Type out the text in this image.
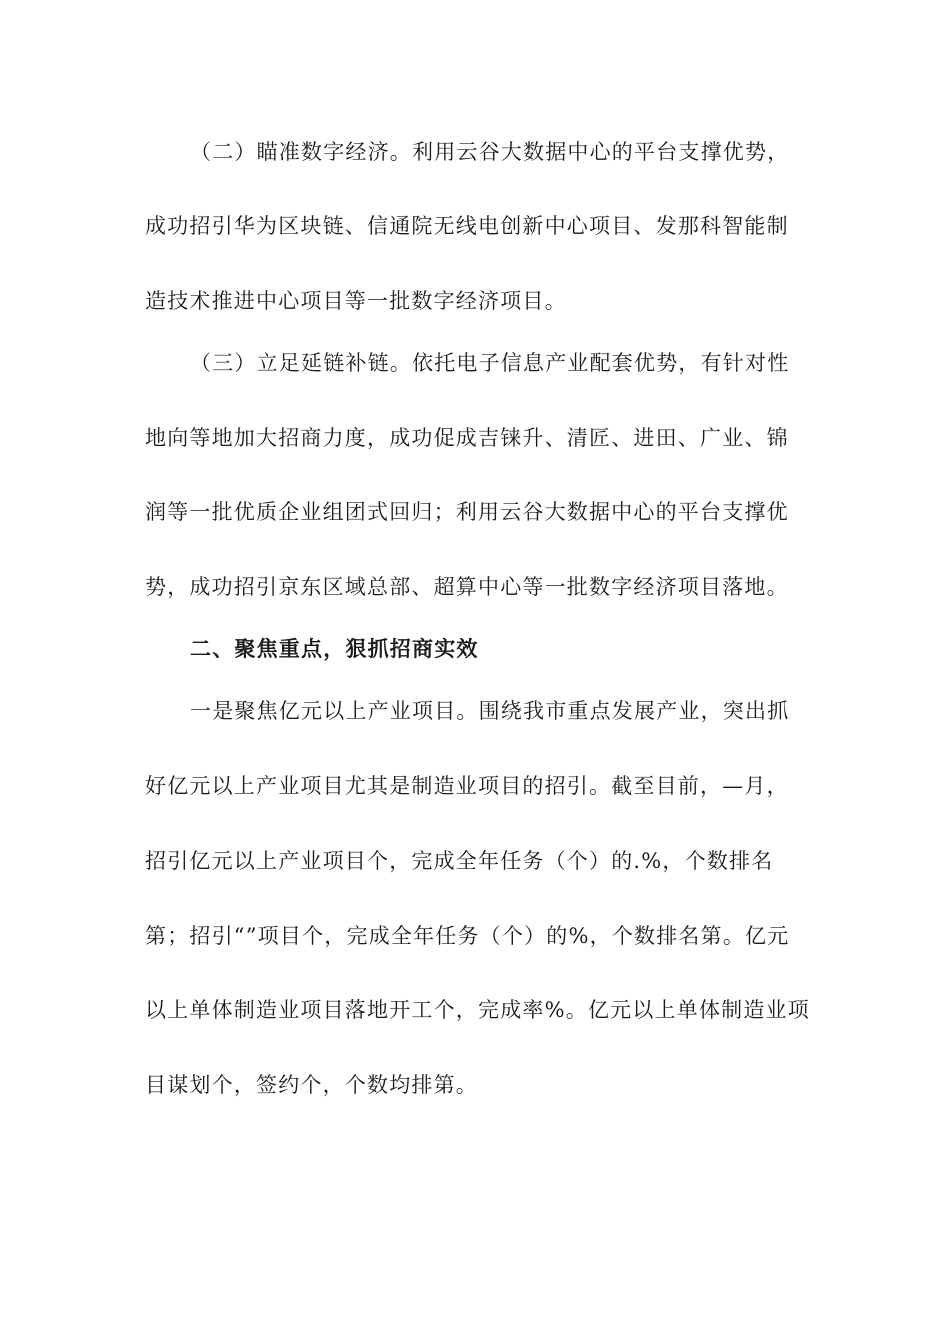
（二）瞄准数字经济。利用云谷大数据中心的平台支撑优势，
成功招引华为区块链、信通院无线电创新中心项目、发那科智能制
造技术推进中心项目等一批数字经济项目。
（三）立足延链补链。依托电子信息产业配套优势，有针对性
地向等地加大招商力度，成功促成吉铼升、清匠、进田、广业、锦
润等一批优质企业组团式回归；利用云谷大数据中心的平台支撑优
势，成功招引京东区域总部、超算中心等一批数字经济项目落地。
二、聚焦重点，狠抓招商实效
一是聚焦亿元以上产业项目。围绕我市重点发展产业，突出抓
好亿元以上产业项目尤其是制造业项目的招引。截至目前，—月，
招引亿元以上产业项目个，完成全年任务（个）的.%，个数排名
第；招引“”项目个，完成全年任务（个）的%，个数排名第。亿元
以上单体制造业项目落地开工个，完成率%。亿元以上单体制造业项
目谋划个，签约个，个数均排第。
